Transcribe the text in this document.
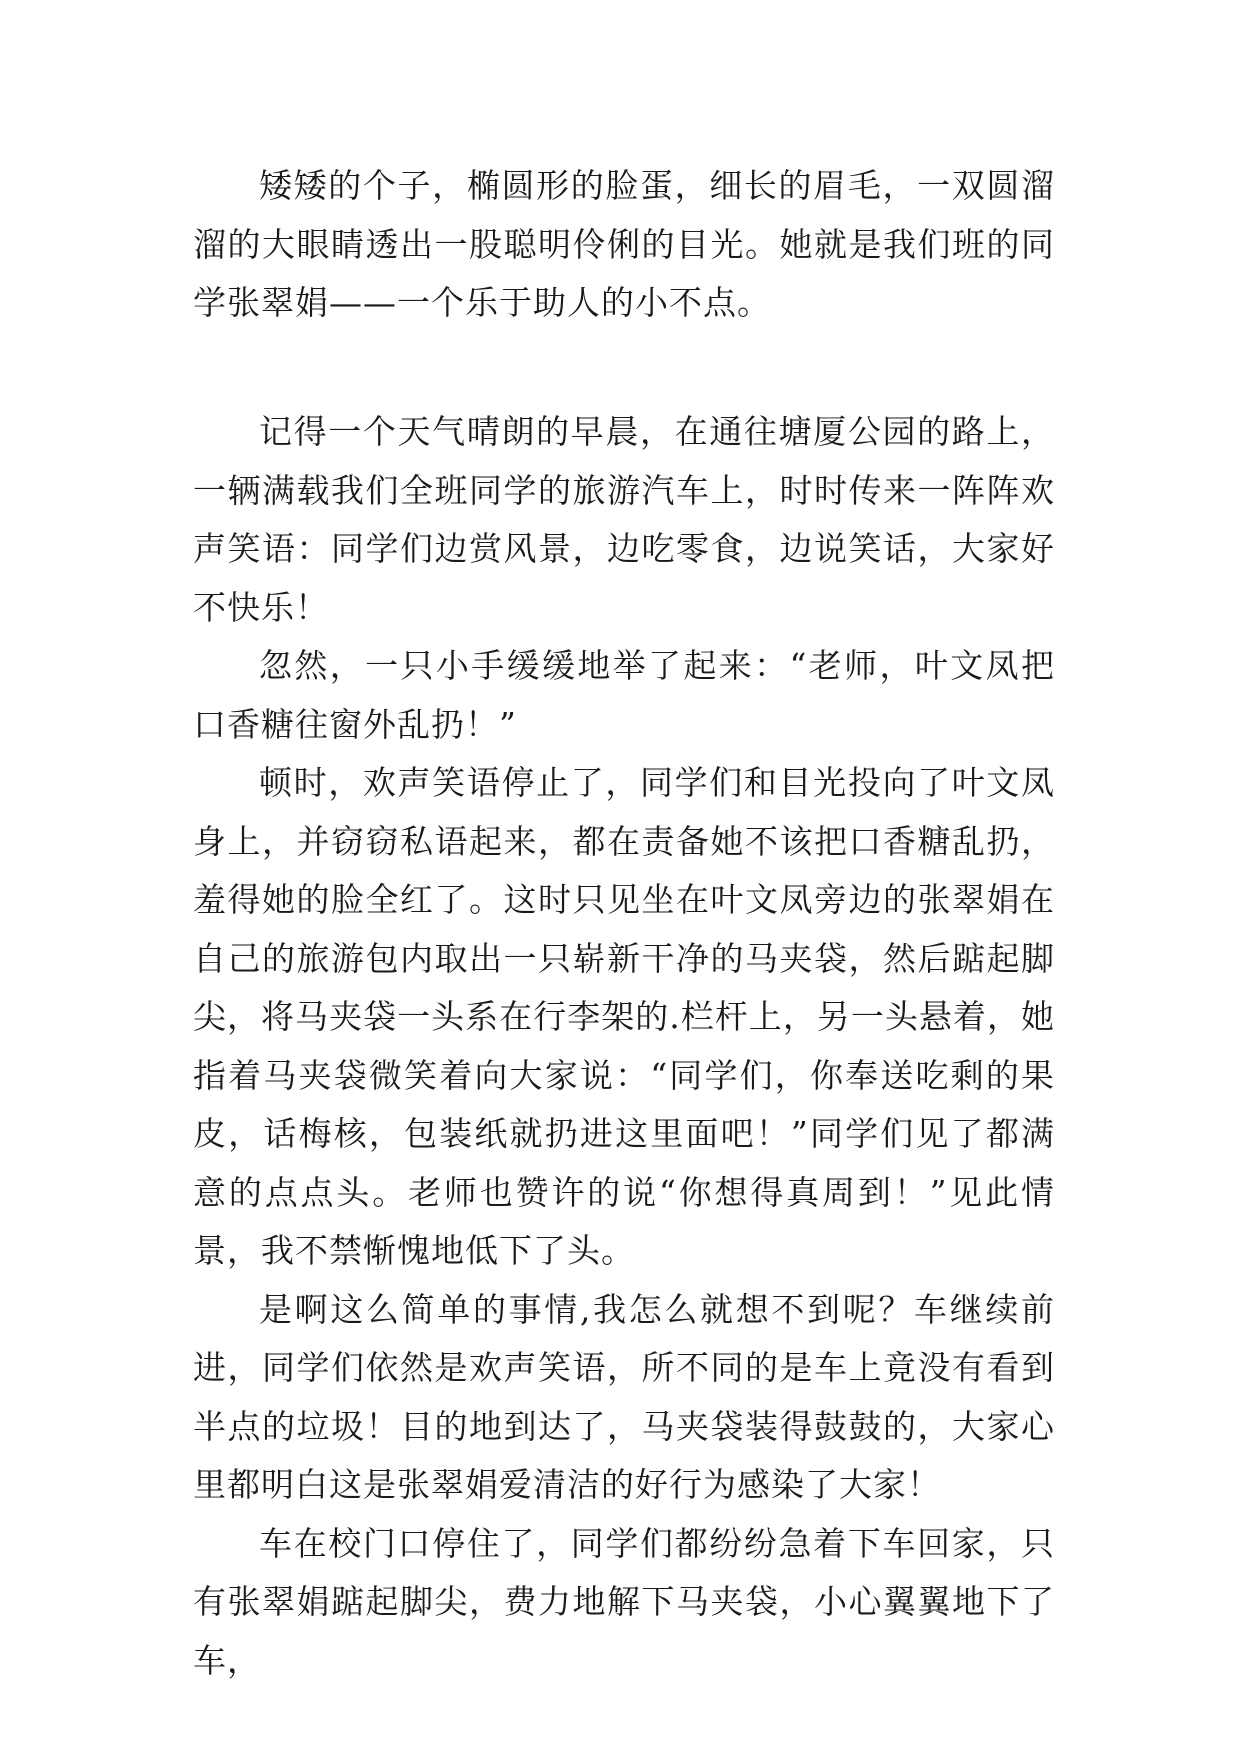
矮矮的个子，椭圆形的脸蛋，细长的眉毛，一双圆溜溜的大眼睛透出一股聪明伶俐的目光。她就是我们班的同学张翠娟——一个乐于助人的小不点。

记得一个天气晴朗的早晨，在通往塘厦公园的路上，一辆满载我们全班同学的旅游汽车上，时时传来一阵阵欢声笑语：同学们边赏风景，边吃零食，边说笑话，大家好不快乐！

忽然，一只小手缓缓地举了起来：“老师，叶文凤把口香糖往窗外乱扔！”

顿时，欢声笑语停止了，同学们和目光投向了叶文凤身上，并窃窃私语起来，都在责备她不该把口香糖乱扔，羞得她的脸全红了。这时只见坐在叶文凤旁边的张翠娟在自己的旅游包内取出一只崭新干净的马夹袋，然后踮起脚尖，将马夹袋一头系在行李架的.栏杆上，另一头悬着，她指着马夹袋微笑着向大家说：“同学们，你奉送吃剩的果皮，话梅核，包装纸就扔进这里面吧！”同学们见了都满意的点点头。老师也赞许的说“你想得真周到！”见此情景，我不禁惭愧地低下了头。

是啊这么简单的事情,我怎么就想不到呢？车继续前进，同学们依然是欢声笑语，所不同的是车上竟没有看到半点的垃圾！目的地到达了，马夹袋装得鼓鼓的，大家心里都明白这是张翠娟爱清洁的好行为感染了大家！

车在校门口停住了，同学们都纷纷急着下车回家，只有张翠娟踮起脚尖，费力地解下马夹袋，小心翼翼地下了车，
